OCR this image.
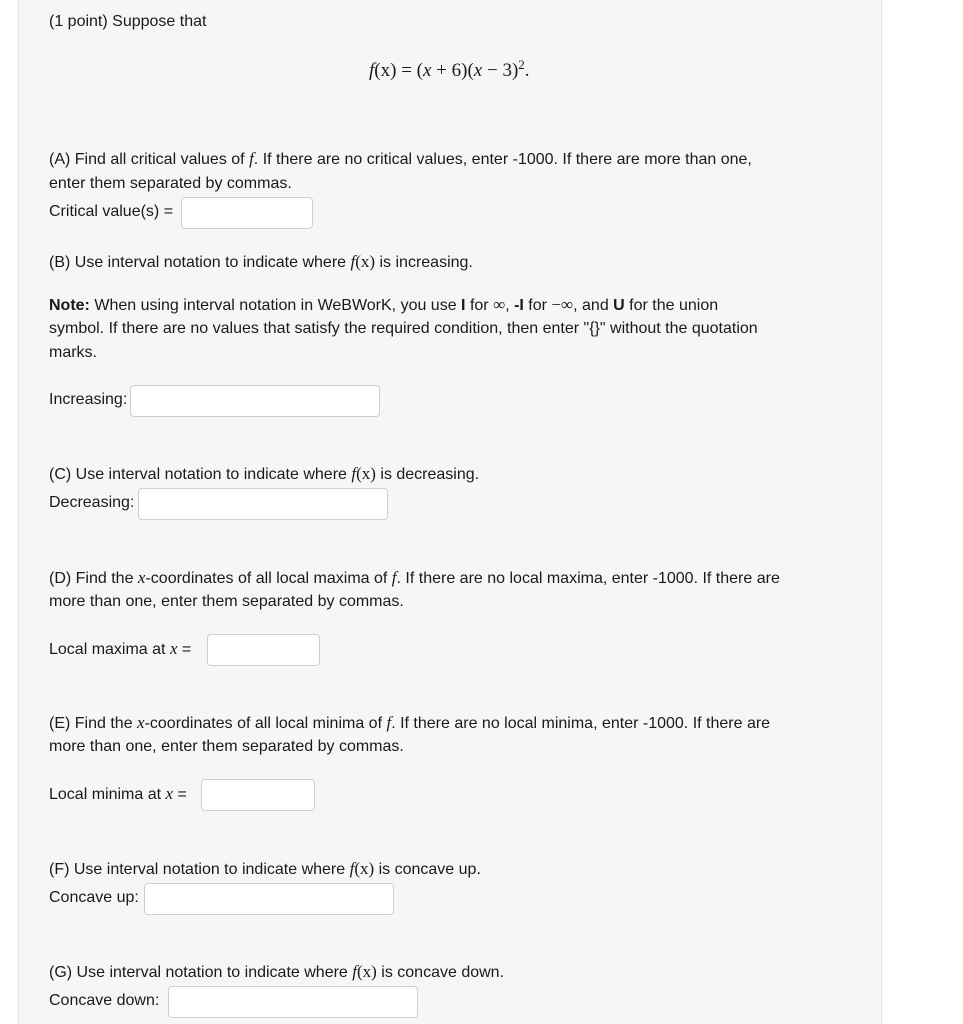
(1 point) Suppose that
$f(x) = (x + 6)(x - 3)^2$.
(A) Find all critical values of f. If there are no critical values, enter -1000. If there are more than one,
enter them separated by commas.
Critical value(s) =
(B) Use interval notation to indicate where f(x) is increasing.
Note: When using interval notation in WeBWorK, you use I for ∞, -I for −∞, and U for the union
symbol. If there are no values that satisfy the required condition, then enter "{}" without the quotation
marks.
Increasing:
(C) Use interval notation to indicate where f(x) is decreasing.
Decreasing:
(D) Find the x-coordinates of all local maxima of f. If there are no local maxima, enter -1000. If there are
more than one, enter them separated by commas.
Local maxima at x =
(E) Find the x-coordinates of all local minima of f. If there are no local minima, enter -1000. If there are
more than one, enter them separated by commas.
Local minima at x =
(F) Use interval notation to indicate where f(x) is concave up.
Concave up:
(G) Use interval notation to indicate where f(x) is concave down.
Concave down:
